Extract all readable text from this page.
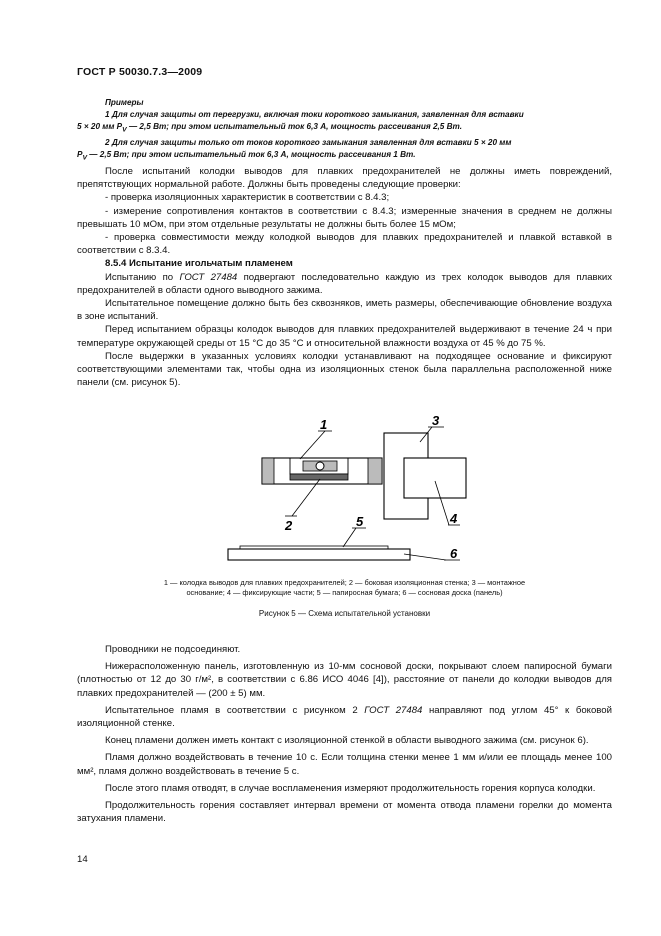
ГОСТ Р 50030.7.3—2009

Примеры

1 Для случая защиты от перегрузки, включая токи короткого замыкания, заявленная для вставки

5 × 20 мм $P_V$ — 2,5 Вт; при этом испытательный ток 6,3 А, мощность рассеивания 2,5 Вт.

2 Для случая защиты только от токов короткого замыкания заявленная для вставки 5 × 20 мм

$P_V$ — 2,5 Вт; при этом испытательный ток 6,3 А, мощность рассеивания 1 Вт.

После испытаний колодки выводов для плавких предохранителей не должны иметь повреждений, препятствующих нормальной работе. Должны быть проведены следующие проверки:

- проверка изоляционных характеристик в соответствии с 8.4.3;

- измерение сопротивления контактов в соответствии с 8.4.3; измеренные значения в среднем не должны превышать 10 мОм, при этом отдельные результаты не должны быть более 15 мОм;

- проверка совместимости между колодкой выводов для плавких предохранителей и плавкой вставкой в соответствии с 8.3.4.

8.5.4 Испытание игольчатым пламенем

Испытанию по ГОСТ 27484 подвергают последовательно каждую из трех колодок выводов для плавких предохранителей в области одного выводного зажима.

Испытательное помещение должно быть без сквозняков, иметь размеры, обеспечивающие обновление воздуха в зоне испытаний.

Перед испытанием образцы колодок выводов для плавких предохранителей выдерживают в течение 24 ч при температуре окружающей среды от 15 °С до 35 °С и относительной влажности воздуха от 45 % до 75 %.

После выдержки в указанных условиях колодки устанавливают на подходящее основание и фиксируют соответствующими элементами так, чтобы одна из изоляционных стенок была параллельна расположенной ниже панели (см. рисунок 5).

1
2
3
4
5
6

1 — колодка выводов для плавких предохранителей; 2 — боковая изоляционная стенка; 3 — монтажное

основание; 4 — фиксирующие части; 5 — папиросная бумага; 6 — сосновая доска (панель)

Рисунок 5 — Схема испытательной установки

Проводники не подсоединяют.

Нижерасположенную панель, изготовленную из 10-мм сосновой доски, покрывают слоем папиросной бумаги (плотностью от 12 до 30 г/м², в соответствии с 6.86 ИСО 4046 [4]), расстояние от панели до колодки выводов для плавких предохранителей — (200 ± 5) мм.

Испытательное пламя в соответствии с рисунком 2 ГОСТ 27484 направляют под углом 45° к боковой изоляционной стенке.

Конец пламени должен иметь контакт с изоляционной стенкой в области выводного зажима (см. рисунок 6).

Пламя должно воздействовать в течение 10 с. Если толщина стенки менее 1 мм и/или ее площадь менее 100 мм², пламя должно воздействовать в течение 5 с.

После этого пламя отводят, в случае воспламенения измеряют продолжительность горения корпуса колодки.

Продолжительность горения составляет интервал времени от момента отвода пламени горелки до момента затухания пламени.

14
